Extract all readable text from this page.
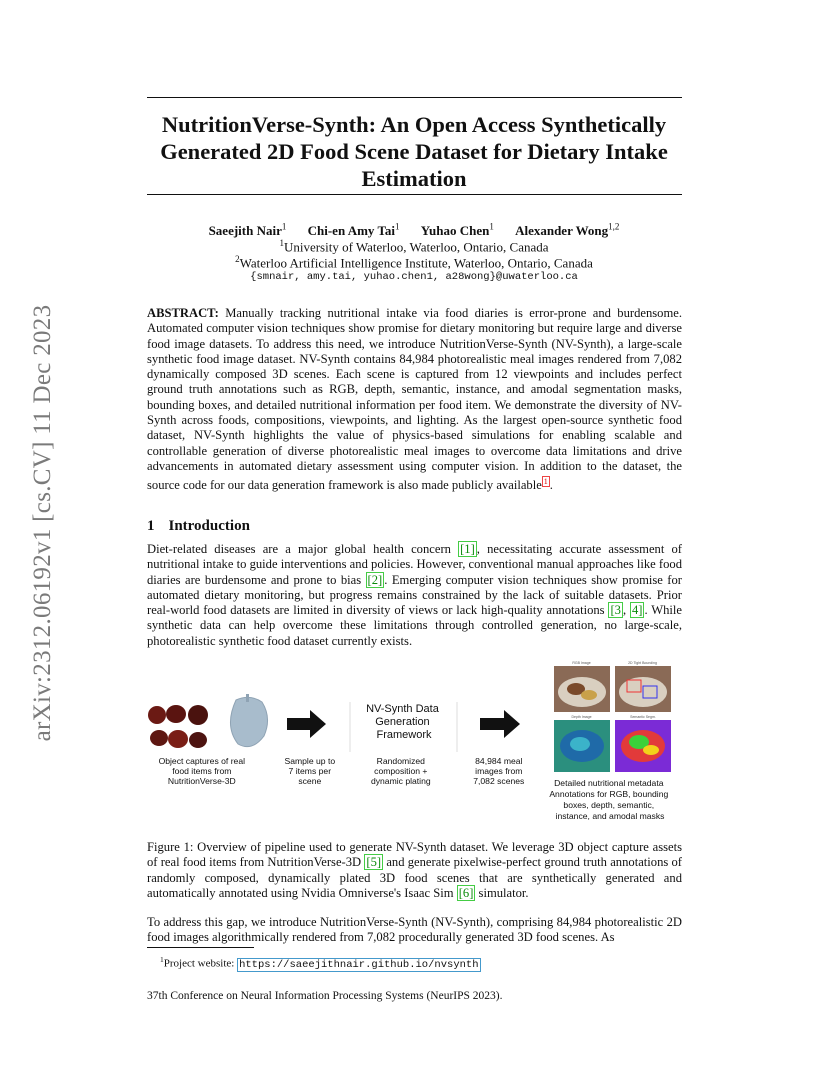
arXiv:2312.06192v1 [cs.CV] 11 Dec 2023
NutritionVerse-Synth: An Open Access Synthetically Generated 2D Food Scene Dataset for Dietary Intake Estimation
Saeejith Nair$^1$ Chi-en Amy Tai$^1$ Yuhao Chen$^1$ Alexander Wong$^{1,2}$
$^1$University of Waterloo, Waterloo, Ontario, Canada
$^2$Waterloo Artificial Intelligence Institute, Waterloo, Ontario, Canada
{smnair, amy.tai, yuhao.chen1, a28wong}@uwaterloo.ca

ABSTRACT: Manually tracking nutritional intake via food diaries is error-prone and burdensome. Automated computer vision techniques show promise for dietary monitoring but require large and diverse food image datasets. To address this need, we introduce NutritionVerse-Synth (NV-Synth), a large-scale synthetic food image dataset. NV-Synth contains 84,984 photorealistic meal images rendered from 7,082 dynamically composed 3D scenes. Each scene is captured from 12 viewpoints and includes perfect ground truth annotations such as RGB, depth, semantic, instance, and amodal segmentation masks, bounding boxes, and detailed nutritional information per food item. We demonstrate the diversity of NV-Synth across foods, compositions, viewpoints, and lighting. As the largest open-source synthetic food dataset, NV-Synth highlights the value of physics-based simulations for enabling scalable and controllable generation of diverse photorealistic meal images to overcome data limitations and drive advancements in automated dietary assessment using computer vision. In addition to the dataset, the source code for our data generation framework is also made publicly available $^1$ .

1 Introduction

Diet-related diseases are a major global health concern [1] , necessitating accurate assessment of nutritional intake to guide interventions and policies. However, conventional manual approaches like food diaries are burdensome and prone to bias [2] . Emerging computer vision techniques show promise for automated dietary monitoring, but progress remains constrained by the lack of suitable datasets. Prior real-world food datasets are limited in diversity of views or lack high-quality annotations [3 , 4] . While synthetic data can help overcome these limitations through controlled generation, no large-scale, photorealistic synthetic food dataset currently exists.

NV-Synth Data Generation Framework
RGB Image	2D Tight Bounding Depth Image	Semantic Segm.
Object captures of real food items from NutritionVerse-3D Sample up to 7 items per scene Randomized composition + dynamic plating 84,984 meal images from 7,082 scenes	Detailed nutritional metadata Annotations for RGB, bounding boxes, depth, semantic, instance, and amodal masks

Figure 1: Overview of pipeline used to generate NV-Synth dataset. We leverage 3D object capture assets of real food items from NutritionVerse-3D [5] and generate pixelwise-perfect ground truth annotations of randomly composed, dynamically plated 3D food scenes that are synthetically generated and automatically annotated using Nvidia Omniverse's Isaac Sim [6] simulator.

To address this gap, we introduce NutritionVerse-Synth (NV-Synth), comprising 84,984 photorealistic 2D food images algorithmically rendered from 7,082 procedurally generated 3D food scenes. As

$^1$Project website: https://saeejithnair.github.io/nvsynth
37th Conference on Neural Information Processing Systems (NeurIPS 2023).
